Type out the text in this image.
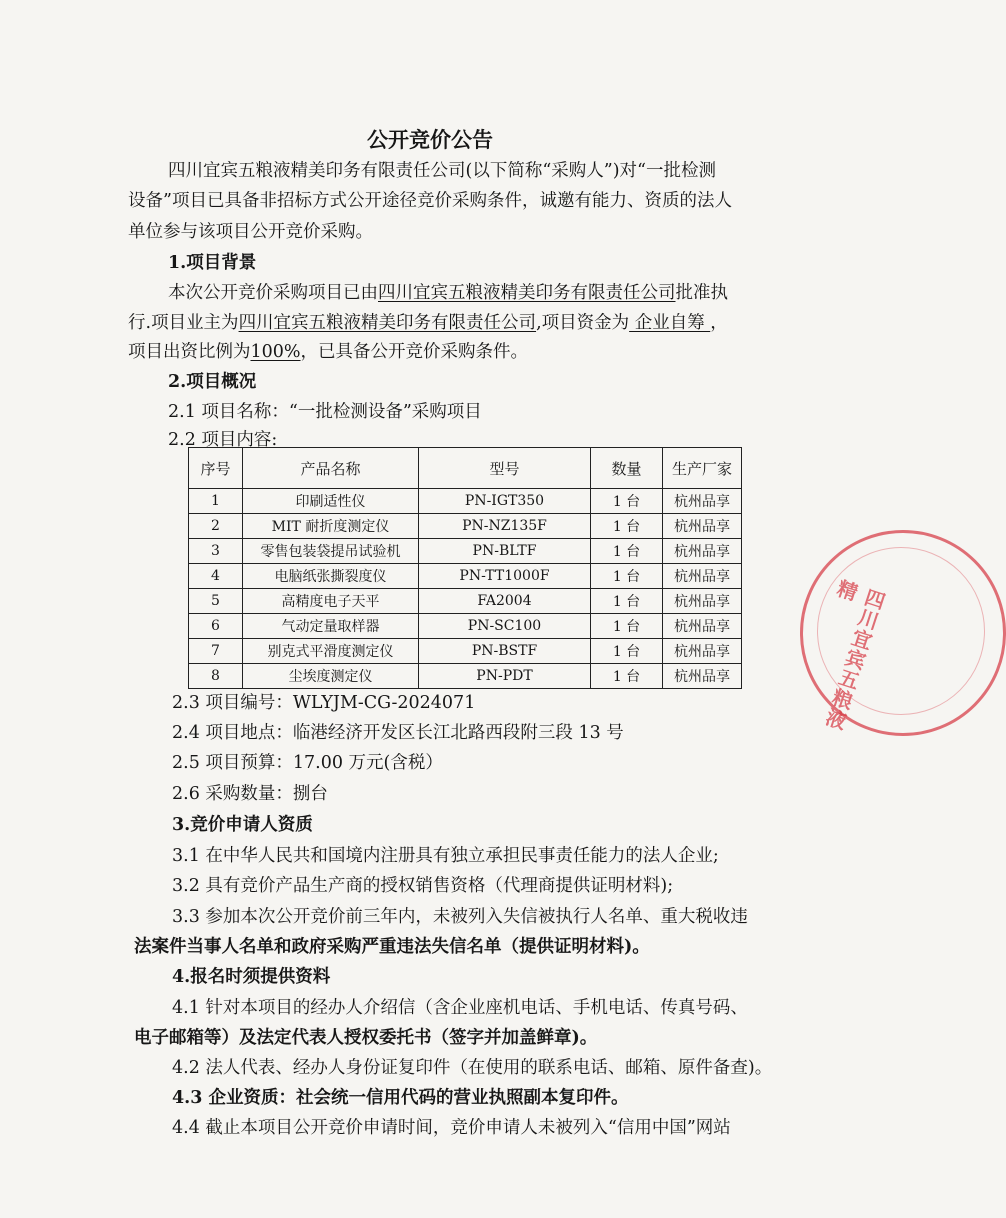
公开竞价公告
四川宜宾五粮液精美印务有限责任公司(以下简称“采购人”)对“一批检测
设备”项目已具备非招标方式公开途径竞价采购条件，诚邀有能力、资质的法人
单位参与该项目公开竞价采购。
1.项目背景
本次公开竞价采购项目已由四川宜宾五粮液精美印务有限责任公司批准执
行.项目业主为四川宜宾五粮液精美印务有限责任公司,项目资金为 企业自筹 ，
项目出资比例为100%，已具备公开竞价采购条件。
2.项目概况
2.1 项目名称：“一批检测设备”采购项目
2.2 项目内容:
序号	产品名称	型号	数量	生产厂家
1	印刷适性仪	PN-IGT350	1 台	杭州品享
2	MIT 耐折度测定仪	PN-NZ135F	1 台	杭州品享
3	零售包装袋提吊试验机	PN-BLTF	1 台	杭州品享
4	电脑纸张撕裂度仪	PN-TT1000F	1 台	杭州品享
5	高精度电子天平	FA2004	1 台	杭州品享
6	气动定量取样器	PN-SC100	1 台	杭州品享
7	别克式平滑度测定仪	PN-BSTF	1 台	杭州品享
8	尘埃度测定仪	PN-PDT	1 台	杭州品享
2.3 项目编号：WLYJM-CG-2024071
2.4 项目地点：临港经济开发区长江北路西段附三段 13 号
2.5 项目预算：17.00 万元(含税）
2.6 采购数量：捌台
3.竞价申请人资质
3.1 在中华人民共和国境内注册具有独立承担民事责任能力的法人企业;
3.2 具有竞价产品生产商的授权销售资格（代理商提供证明材料);
3.3 参加本次公开竞价前三年内，未被列入失信被执行人名单、重大税收违
法案件当事人名单和政府采购严重违法失信名单（提供证明材料)。
4.报名时须提供资料
4.1 针对本项目的经办人介绍信（含企业座机电话、手机电话、传真号码、
电子邮箱等）及法定代表人授权委托书（签字并加盖鲜章)。
4.2 法人代表、经办人身份证复印件（在使用的联系电话、邮箱、原件备查)。
4.3 企业资质：社会统一信用代码的营业执照副本复印件。
4.4 截止本项目公开竞价申请时间，竞价申请人未被列入“信用中国”网站
四川宜宾五粮液精
